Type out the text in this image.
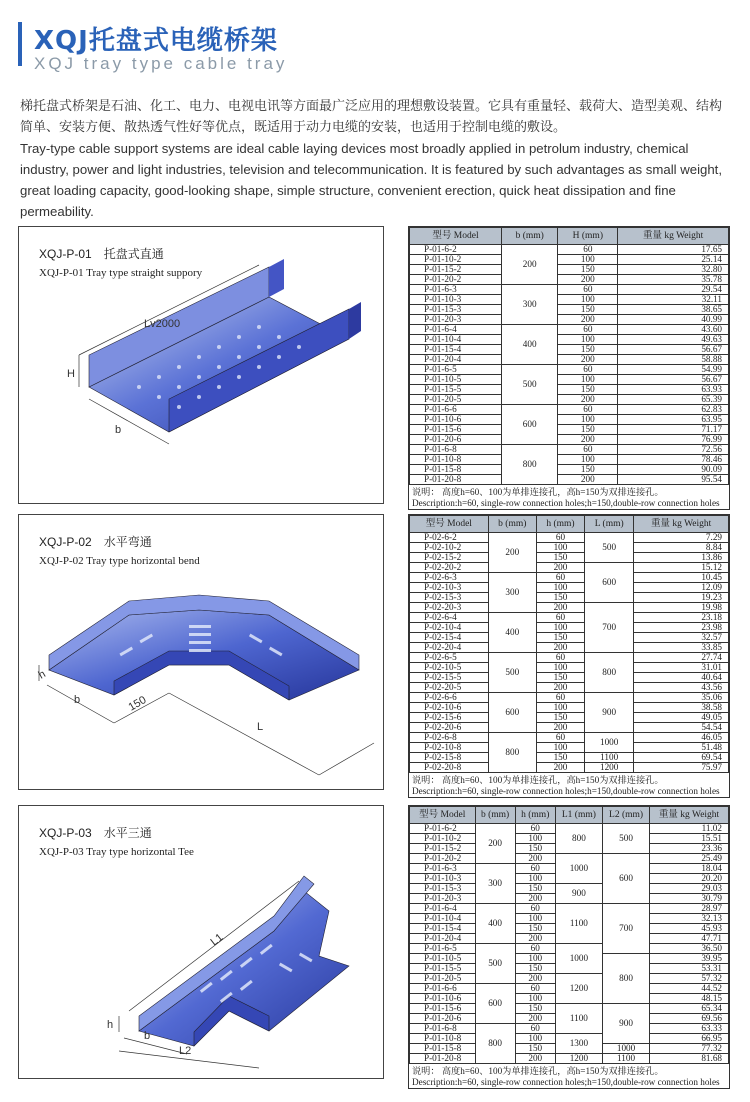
XQJ托盘式电缆桥架
XQJ tray type cable tray

梯托盘式桥架是石油、化工、电力、电视电讯等方面最广泛应用的理想敷设装置。它具有重量轻、载荷大、造型美观、结构简单、安装方便、散热透气性好等优点，既适用于动力电缆的安装，也适用于控制电缆的敷设。

Tray-type cable support systems are ideal cable laying devices most broadly applied in petrolum industry, chemical industry, power and light industries, television and telecommunication. It is featured by such advantages as small weight, great loading capacity, good-looking shape, simple structure, convenient erection, quick heat dissipation and fine permeability.

XQJ-P-01 托盘式直通
XQJ-P-01 Tray type straight suppory
Lv2000
H
b
XQJ-P-02 水平弯通
XQJ-P-02 Tray type horizontal bend
h
b	150
L
XQJ-P-03 水平三通
XQJ-P-03 Tray type horizontal Tee
L1
h
b
L2
型号 Model	b (mm)	H (mm)	重量 kg Weight
P-01-6-2	200	60	17.65
P-01-10-2		100	25.14
P-01-15-2		150	32.80
P-01-20-2		200	35.78
P-01-6-3	300	60	29.54
P-01-10-3		100	32.11
P-01-15-3		150	38.65
P-01-20-3		200	40.99
P-01-6-4	400	60	43.60
P-01-10-4		100	49.63
P-01-15-4		150	56.67
P-01-20-4		200	58.88
P-01-6-5	500	60	54.99
P-01-10-5		100	56.67
P-01-15-5		150	63.93
P-01-20-5		200	65.39
P-01-6-6	600	60	62.83
P-01-10-6		100	63.95
P-01-15-6		150	71.17
P-01-20-6		200	76.99
P-01-6-8	800	60	72.56
P-01-10-8		100	78.46
P-01-15-8		150	90.09
P-01-20-8		200	95.54
说明： 高度h=60、100为单排连接孔，高h=150为双排连接孔。
Description:h=60, single-row connection holes;h=150,double-row connection holes
型号 Model	b (mm)	h (mm)	L (mm)	重量 kg Weight
P-02-6-2	200	60	500	7.29
P-02-10-2		100		8.84
P-02-15-2		150		13.86
P-02-20-2		200	600	15.12
P-02-6-3	300	60		10.45
P-02-10-3		100		12.09
P-02-15-3		150		19.23
P-02-20-3		200	700	19.98
P-02-6-4	400	60		23.18
P-02-10-4		100		23.98
P-02-15-4		150		32.57
P-02-20-4		200		33.85
P-02-6-5	500	60	800	27.74
P-02-10-5		100		31.01
P-02-15-5		150		40.64
P-02-20-5		200		43.56
P-02-6-6	600	60	900	35.06
P-02-10-6		100		38.58
P-02-15-6		150		49.05
P-02-20-6		200		54.54
P-02-6-8	800	60	1000	46.05
P-02-10-8		100		51.48
P-02-15-8		150	1100	69.54
P-02-20-8		200	1200	75.97
说明： 高度h=60、100为单排连接孔，高h=150为双排连接孔。
Description:h=60, single-row connection holes;h=150,double-row connection holes
型号 Model	b (mm)	h (mm)	L1 (mm)	L2 (mm)	重量 kg Weight
P-01-6-2	200	60	800	500	11.02
P-01-10-2		100			15.51
P-01-15-2		150			23.36
P-01-20-2		200	1000	600	25.49
P-01-6-3	300	60			18.04
P-01-10-3		100			20.20
P-01-15-3		150	900		29.03
P-01-20-3		200			30.79
P-01-6-4	400	60	1100	700	28.97
P-01-10-4		100			32.13
P-01-15-4		150			45.93
P-01-20-4		200			47.71
P-01-6-5	500	60	1000		36.50
P-01-10-5		100		800	39.95
P-01-15-5		150			53.31
P-01-20-5		200	1200		57.32
P-01-6-6	600	60			44.52
P-01-10-6		100			48.15
P-01-15-6		150	1100	900	65.34
P-01-20-6		200			69.56
P-01-6-8	800	60			63.33
P-01-10-8		100	1300		66.95
P-01-15-8		150		1000	77.32
P-01-20-8		200	1200	1100	81.68
说明： 高度h=60、100为单排连接孔，高h=150为双排连接孔。
Description:h=60, single-row connection holes;h=150,double-row connection holes
